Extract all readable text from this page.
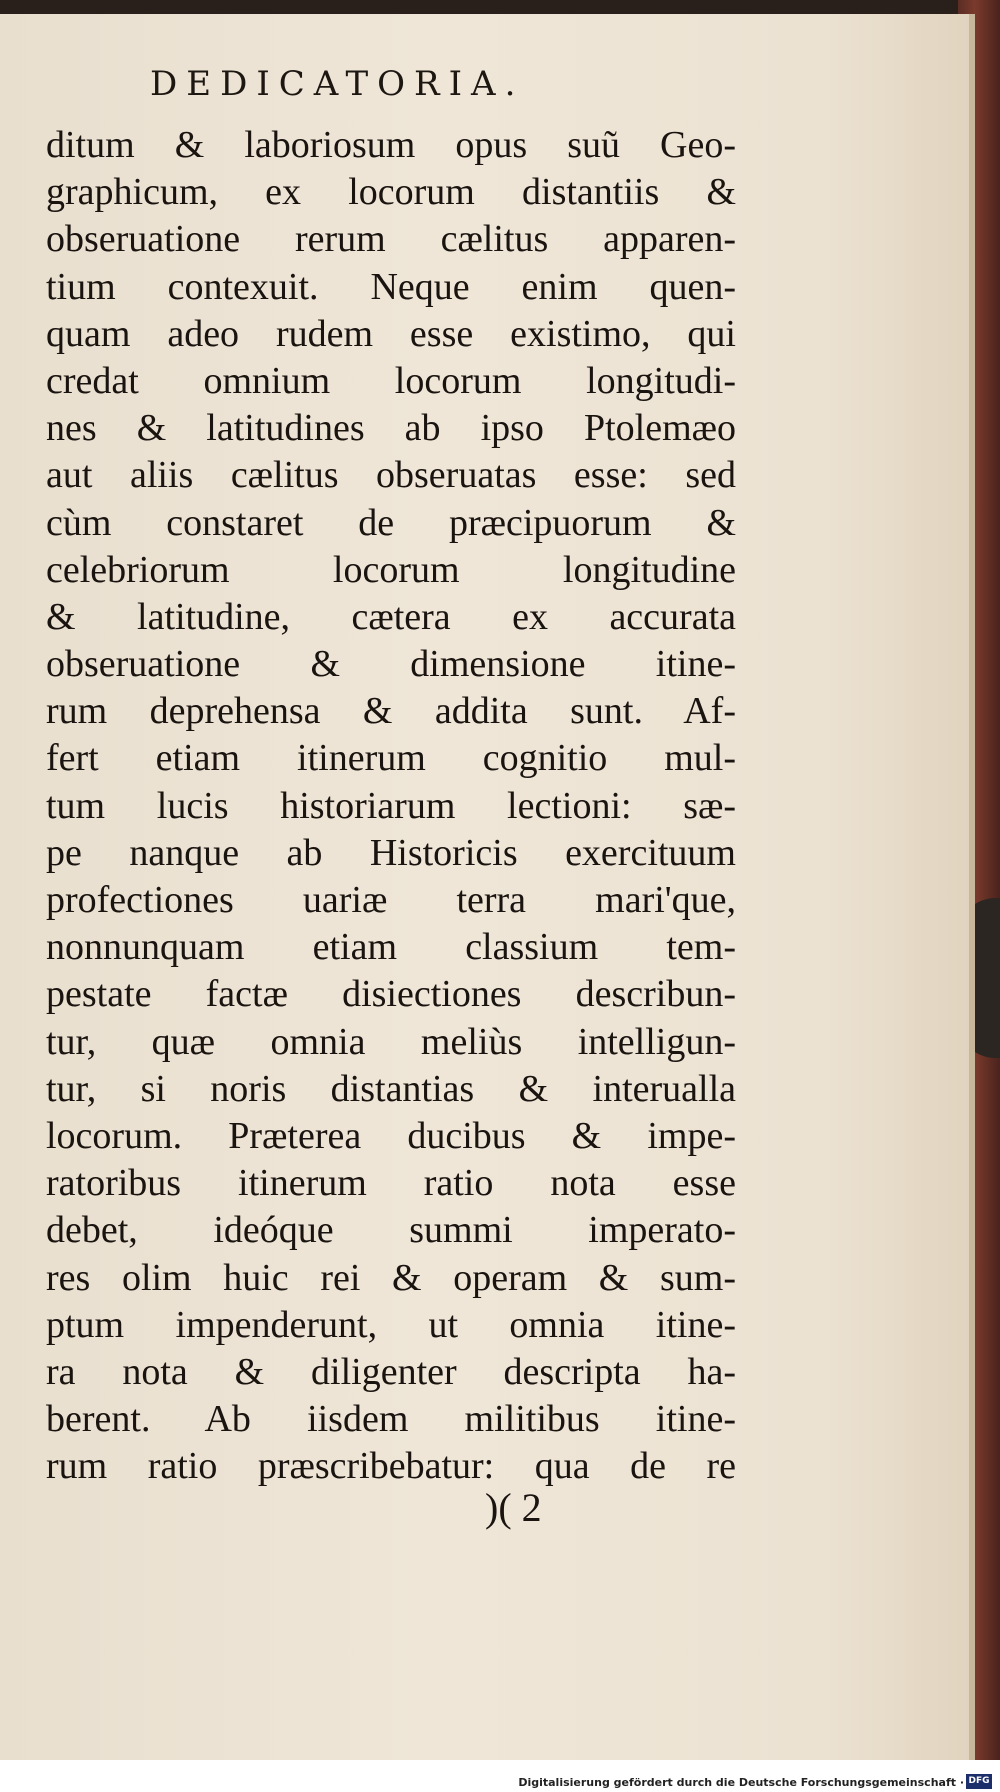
DEDICATORIA.
ditum & laboriosum opus suũ Geo-
graphicum, ex locorum distantiis &
obseruatione rerum cælitus apparen-
tium contexuit. Neque enim quen-
quam adeo rudem esse existimo, qui
credat omnium locorum longitudi-
nes & latitudines ab ipso Ptolemæo
aut aliis cælitus obseruatas esse: sed
cùm constaret de præcipuorum &
celebriorum locorum longitudine
& latitudine, cætera ex accurata
obseruatione & dimensione itine-
rum deprehensa & addita sunt. Af-
fert etiam itinerum cognitio mul-
tum lucis historiarum lectioni: sæ-
pe nanque ab Historicis exercituum
profectiones uariæ terra mari'que,
nonnunquam etiam classium tem-
pestate factæ disiectiones describun-
tur, quæ omnia meliùs intelligun-
tur, si noris distantias & interualla
locorum. Præterea ducibus & impe-
ratoribus itinerum ratio nota esse
debet, ideóque summi imperato-
res olim huic rei & operam & sum-
ptum impenderunt, ut omnia itine-
ra nota & diligenter descripta ha-
berent. Ab iisdem militibus itine-
rum ratio præscribebatur: qua de re
)( 2
Digitalisierung gefördert durch die Deutsche Forschungsgemeinschaft · DFG
